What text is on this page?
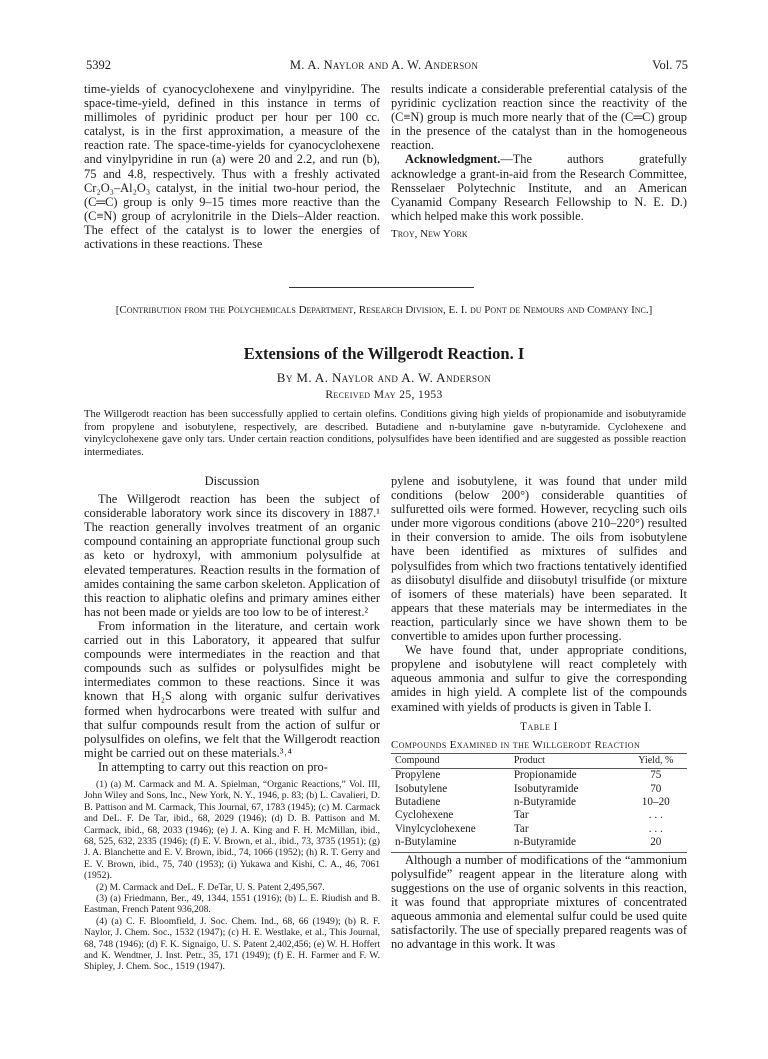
5392	M. A. Naylor and A. W. Anderson	Vol. 75

time-yields of cyanocyclohexene and vinylpyridine. The space-time-yield, defined in this instance in terms of millimoles of pyridinic product per hour per 100 cc. catalyst, is in the first approximation, a measure of the reaction rate. The space-time-yields for cyanocyclohexene and vinylpyridine in run (a) were 20 and 2.2, and run (b), 75 and 4.8, respectively. Thus with a freshly activated Cr₂O₃–Al₂O₃ catalyst, in the initial two-hour period, the (C═C) group is only 9–15 times more reactive than the (C≡N) group of acrylonitrile in the Diels–Alder reaction. The effect of the catalyst is to lower the energies of activations in these reactions. These

results indicate a considerable preferential catalysis of the pyridinic cyclization reaction since the reactivity of the (C≡N) group is much more nearly that of the (C═C) group in the presence of the catalyst than in the homogeneous reaction.

Acknowledgment.—The authors gratefully acknowledge a grant-in-aid from the Research Committee, Rensselaer Polytechnic Institute, and an American Cyanamid Company Research Fellowship to N. E. D.) which helped make this work possible.

Troy, New York

[Contribution from the Polychemicals Department, Research Division, E. I. du Pont de Nemours and Company Inc.]
Extensions of the Willgerodt Reaction. I
By M. A. Naylor and A. W. Anderson
Received May 25, 1953
The Willgerodt reaction has been successfully applied to certain olefins. Conditions giving high yields of propionamide and isobutyramide from propylene and isobutylene, respectively, are described. Butadiene and n-butylamine gave n-butyramide. Cyclohexene and vinylcyclohexene gave only tars. Under certain reaction conditions, polysulfides have been identified and are suggested as possible reaction intermediates.
Discussion

The Willgerodt reaction has been the subject of considerable laboratory work since its discovery in 1887.¹ The reaction generally involves treatment of an organic compound containing an appropriate functional group such as keto or hydroxyl, with ammonium polysulfide at elevated temperatures. Reaction results in the formation of amides containing the same carbon skeleton. Application of this reaction to aliphatic olefins and primary amines either has not been made or yields are too low to be of interest.²

From information in the literature, and certain work carried out in this Laboratory, it appeared that sulfur compounds were intermediates in the reaction and that compounds such as sulfides or polysulfides might be intermediates common to these reactions. Since it was known that H₂S along with organic sulfur derivatives formed when hydrocarbons were treated with sulfur and that sulfur compounds result from the action of sulfur or polysulfides on olefins, we felt that the Willgerodt reaction might be carried out on these materials.³˒⁴

In attempting to carry out this reaction on pro-

(1) (a) M. Carmack and M. A. Spielman, “Organic Reactions,” Vol. III, John Wiley and Sons, Inc., New York, N. Y., 1946, p. 83; (b) L. Cavalieri, D. B. Pattison and M. Carmack, This Journal, 67, 1783 (1945); (c) M. Carmack and DeL. F. De Tar, ibid., 68, 2029 (1946); (d) D. B. Pattison and M. Carmack, ibid., 68, 2033 (1946); (e) J. A. King and F. H. McMillan, ibid., 68, 525, 632, 2335 (1946); (f) E. V. Brown, et al., ibid., 73, 3735 (1951); (g) J. A. Blanchette and E. V. Brown, ibid., 74, 1066 (1952); (h) R. T. Gerry and E. V. Brown, ibid., 75, 740 (1953); (i) Yukawa and Kishi, C. A., 46, 7061 (1952).

(2) M. Carmack and DeL. F. DeTar, U. S. Patent 2,495,567.

(3) (a) Friedmann, Ber., 49, 1344, 1551 (1916); (b) L. E. Riudish and B. Eastman, French Patent 936,208.

(4) (a) C. F. Bloomfield, J. Soc. Chem. Ind., 68, 66 (1949); (b) R. F. Naylor, J. Chem. Soc., 1532 (1947); (c) H. E. Westlake, et al., This Journal, 68, 748 (1946); (d) F. K. Signaigo, U. S. Patent 2,402,456; (e) W. H. Hoffert and K. Wendtner, J. Inst. Petr., 35, 171 (1949); (f) E. H. Farmer and F. W. Shipley, J. Chem. Soc., 1519 (1947).

pylene and isobutylene, it was found that under mild conditions (below 200°) considerable quantities of sulfuretted oils were formed. However, recycling such oils under more vigorous conditions (above 210–220°) resulted in their conversion to amide. The oils from isobutylene have been identified as mixtures of sulfides and polysulfides from which two fractions tentatively identified as diisobutyl disulfide and diisobutyl trisulfide (or mixture of isomers of these materials) have been separated. It appears that these materials may be intermediates in the reaction, particularly since we have shown them to be convertible to amides upon further processing.

We have found that, under appropriate conditions, propylene and isobutylene will react completely with aqueous ammonia and sulfur to give the corresponding amides in high yield. A complete list of the compounds examined with yields of products is given in Table I.

Table I
Compounds Examined in the Willgerodt Reaction
Compound	Product	Yield, %
Propylene	Propionamide	75
Isobutylene	Isobutyramide	70
Butadiene	n-Butyramide	10–20
Cyclohexene	Tar	. . .
Vinylcyclohexene	Tar	. . .
n-Butylamine	n-Butyramide	20

Although a number of modifications of the “ammonium polysulfide” reagent appear in the literature along with suggestions on the use of organic solvents in this reaction, it was found that appropriate mixtures of concentrated aqueous ammonia and elemental sulfur could be used quite satisfactorily. The use of specially prepared reagents was of no advantage in this work. It was
